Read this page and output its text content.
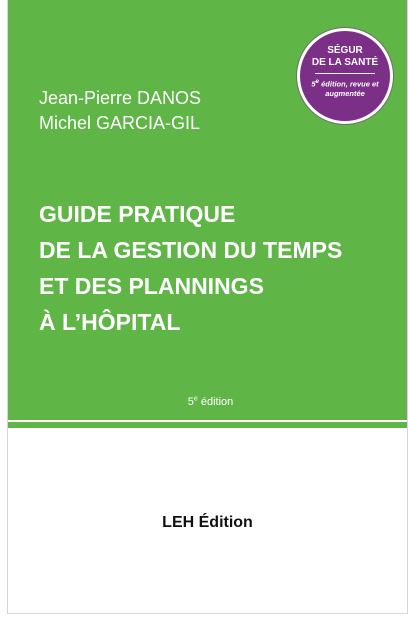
Jean-Pierre DANOS
Michel GARCIA-GIL
GUIDE PRATIQUE
DE LA GESTION DU TEMPS
ET DES PLANNINGS
À L’HÔPITAL
5e édition
SÉGUR
DE LA SANTÉ
5e édition, revue et augmentée
LEH Édition
